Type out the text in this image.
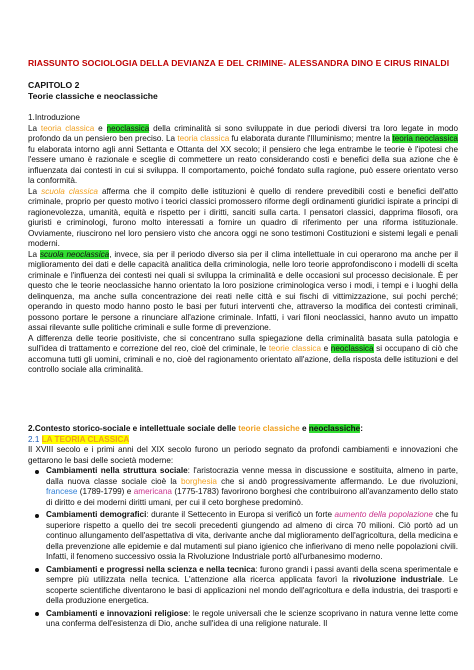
RIASSUNTO SOCIOLOGIA DELLA DEVIANZA E DEL CRIMINE- ALESSANDRA DINO E CIRUS RINALDI
CAPITOLO 2
Teorie classiche e neoclassiche

1.Introduzione

La teoria classica e neoclassica della criminalità si sono sviluppate in due periodi diversi tra loro legate in modo profondo da un pensiero ben preciso. La teoria classica fu elaborata durante l'Illuminismo; mentre la teoria neoclassica fu elaborata intorno agli anni Settanta e Ottanta del XX secolo; il pensiero che lega entrambe le teorie è l'ipotesi che l'essere umano è razionale e sceglie di commettere un reato considerando costi e benefici della sua azione che è influenzata dai contesti in cui si sviluppa. Il comportamento, poiché fondato sulla ragione, può essere orientato verso la conformità.

La scuola classica afferma che il compito delle istituzioni è quello di rendere prevedibili costi e benefici dell'atto criminale, proprio per questo motivo i teorici classici promossero riforme degli ordinamenti giuridici ispirate a principi di ragionevolezza, umanità, equità e rispetto per i diritti, sanciti sulla carta. I pensatori classici, dapprima filosofi, ora giuristi e criminologi, furono molto interessati a fornire un quadro di riferimento per una riforma istituzionale. Ovviamente, riuscirono nel loro pensiero visto che ancora oggi ne sono testimoni Costituzioni e sistemi legali e penali moderni.

La scuola neoclassica, invece, sia per il periodo diverso sia per il clima intellettuale in cui operarono ma anche per il miglioramento dei dati e delle capacità analitica della criminologia, nelle loro teorie approfondiscono i modelli di scelta criminale e l'influenza dei contesti nei quali si sviluppa la criminalità e delle occasioni sul processo decisionale. È per questo che le teorie neoclassiche hanno orientato la loro posizione criminologica verso i modi, i tempi e i luoghi della delinquenza, ma anche sulla concentrazione dei reati nelle città e sui fischi di vittimizzazione, sui pochi perché; operando in questo modo hanno posto le basi per futuri interventi che, attraverso la modifica dei contesti criminali, possono portare le persone a rinunciare all'azione criminale. Infatti, i vari filoni neoclassici, hanno avuto un impatto assai rilevante sulle politiche criminali e sulle forme di prevenzione.

A differenza delle teorie positiviste, che si concentrano sulla spiegazione della criminalità basata sulla patologia e sull'idea di trattamento e correzione del reo, cioè del criminale, le teorie classica e neoclassica si occupano di ciò che accomuna tutti gli uomini, criminali e no, cioè del ragionamento orientato all'azione, della risposta delle istituzioni e del controllo sociale alla criminalità.

2.Contesto storico-sociale e intellettuale sociale delle teorie classiche e neoclassiche:

2.1 LA TEORIA CLASSICA

Il XVIII secolo e i primi anni del XIX secolo furono un periodo segnato da profondi cambiamenti e innovazioni che gettarono le basi delle società moderne:

Cambiamenti nella struttura sociale: l'aristocrazia venne messa in discussione e sostituita, almeno in parte, dalla nuova classe sociale cioè la borghesia che si andò progressivamente affermando. Le due rivoluzioni, francese (1789-1799) e americana (1775-1783) favorirono borghesi che contribuirono all'avanzamento dello stato di diritto e dei moderni diritti umani, per cui il ceto borghese predominò.
Cambiamenti demografici: durante il Settecento in Europa si verificò un forte aumento della popolazione che fu superiore rispetto a quello dei tre secoli precedenti giungendo ad almeno di circa 70 milioni. Ciò portò ad un continuo allungamento dell'aspettativa di vita, derivante anche dal miglioramento dell'agricoltura, della medicina e della prevenzione alle epidemie e dal mutamenti sul piano igienico che infierivano di meno nelle popolazioni civili. Infatti, il fenomeno successivo ossia la Rivoluzione Industriale portò all'urbanesimo moderno.
Cambiamenti e progressi nella scienza e nella tecnica: furono grandi i passi avanti della scena sperimentale e sempre più utilizzata nella tecnica. L'attenzione alla ricerca applicata favorì la rivoluzione industriale. Le scoperte scientifiche diventarono le basi di applicazioni nel mondo dell'agricoltura e della industria, dei trasporti e della produzione energetica.
Cambiamenti e innovazioni religiose: le regole universali che le scienze scoprivano in natura venne lette come una conferma dell'esistenza di Dio, anche sull'idea di una religione naturale. Il
